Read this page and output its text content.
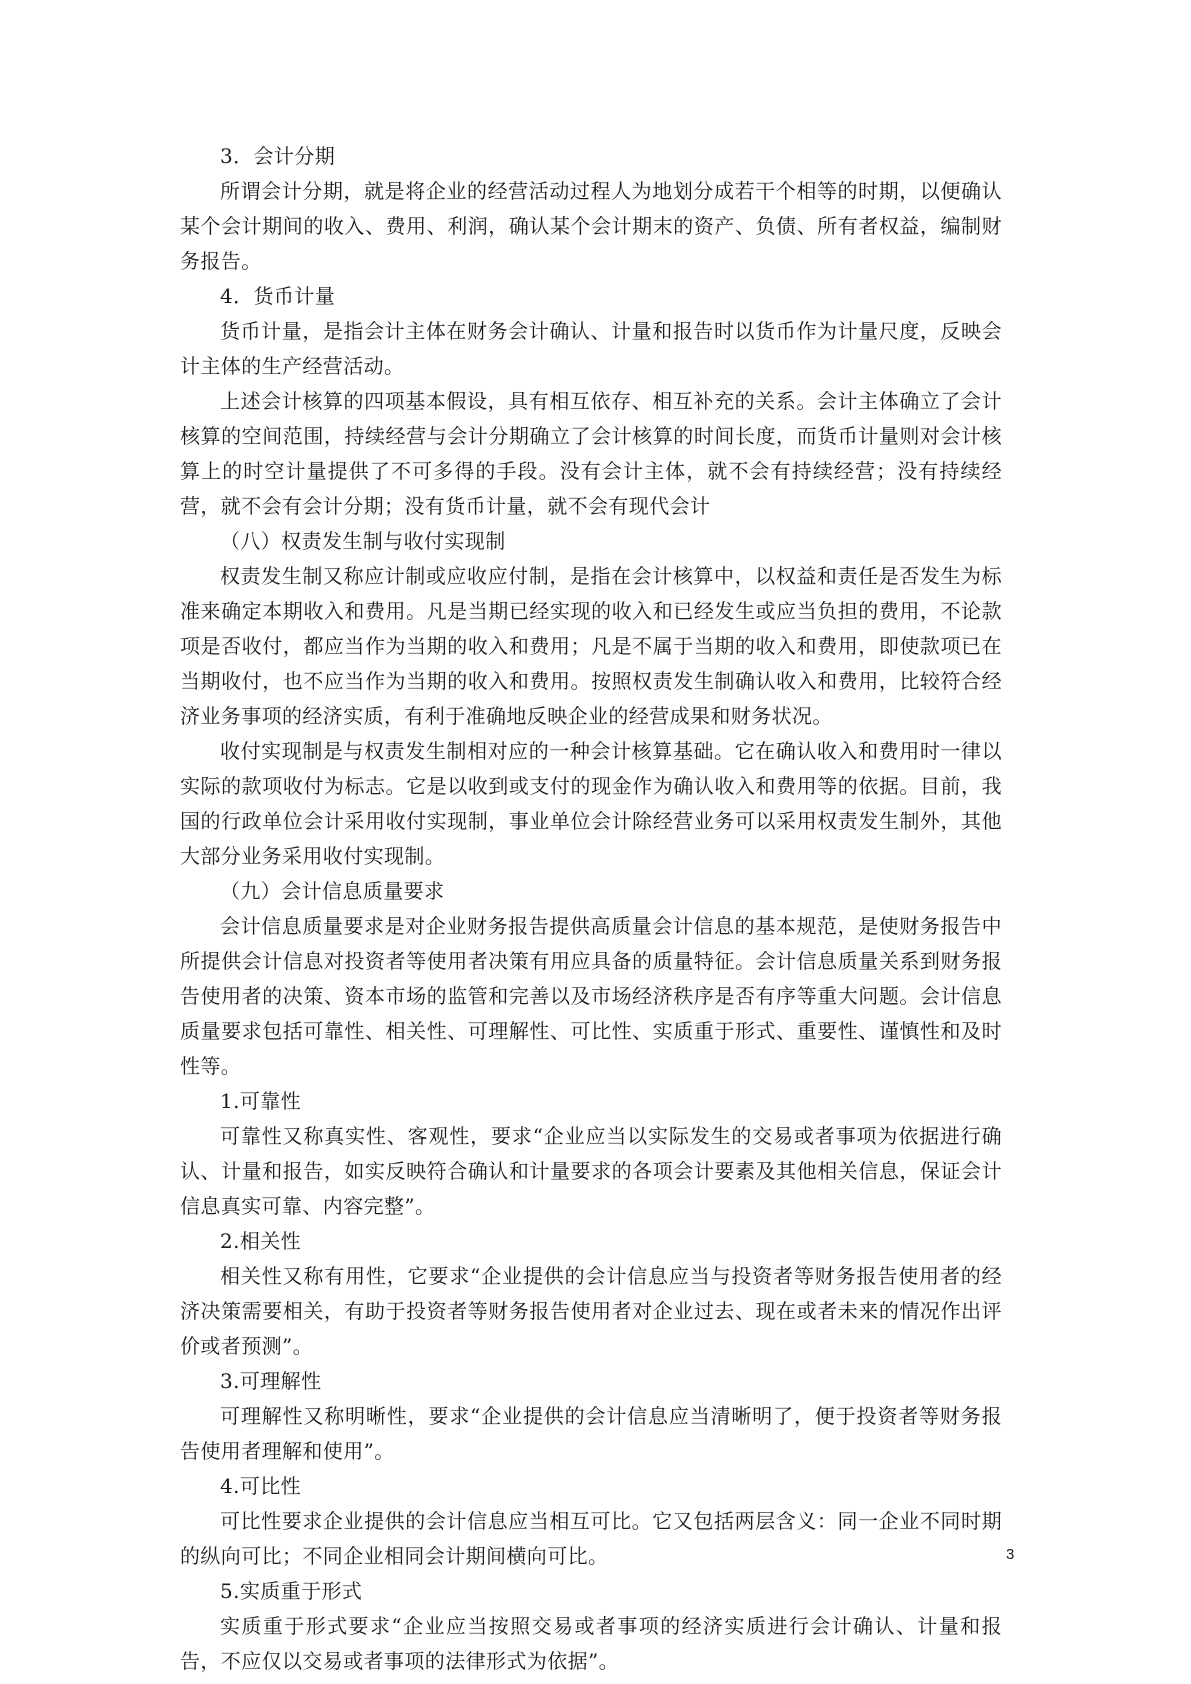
3．会计分期

所谓会计分期，就是将企业的经营活动过程人为地划分成若干个相等的时期，以便确认某个会计期间的收入、费用、利润，确认某个会计期末的资产、负债、所有者权益，编制财务报告。

4．货币计量

货币计量，是指会计主体在财务会计确认、计量和报告时以货币作为计量尺度，反映会计主体的生产经营活动。

上述会计核算的四项基本假设，具有相互依存、相互补充的关系。会计主体确立了会计核算的空间范围，持续经营与会计分期确立了会计核算的时间长度，而货币计量则对会计核算上的时空计量提供了不可多得的手段。没有会计主体，就不会有持续经营；没有持续经营，就不会有会计分期；没有货币计量，就不会有现代会计

（八）权责发生制与收付实现制

权责发生制又称应计制或应收应付制，是指在会计核算中，以权益和责任是否发生为标准来确定本期收入和费用。凡是当期已经实现的收入和已经发生或应当负担的费用，不论款项是否收付，都应当作为当期的收入和费用；凡是不属于当期的收入和费用，即使款项已在当期收付，也不应当作为当期的收入和费用。按照权责发生制确认收入和费用，比较符合经济业务事项的经济实质，有利于准确地反映企业的经营成果和财务状况。

收付实现制是与权责发生制相对应的一种会计核算基础。它在确认收入和费用时一律以实际的款项收付为标志。它是以收到或支付的现金作为确认收入和费用等的依据。目前，我国的行政单位会计采用收付实现制，事业单位会计除经营业务可以采用权责发生制外，其他大部分业务采用收付实现制。

（九）会计信息质量要求

会计信息质量要求是对企业财务报告提供高质量会计信息的基本规范，是使财务报告中所提供会计信息对投资者等使用者决策有用应具备的质量特征。会计信息质量关系到财务报告使用者的决策、资本市场的监管和完善以及市场经济秩序是否有序等重大问题。会计信息质量要求包括可靠性、相关性、可理解性、可比性、实质重于形式、重要性、谨慎性和及时性等。

1.可靠性

可靠性又称真实性、客观性，要求“企业应当以实际发生的交易或者事项为依据进行确认、计量和报告，如实反映符合确认和计量要求的各项会计要素及其他相关信息，保证会计信息真实可靠、内容完整”。

2.相关性

相关性又称有用性，它要求“企业提供的会计信息应当与投资者等财务报告使用者的经济决策需要相关，有助于投资者等财务报告使用者对企业过去、现在或者未来的情况作出评价或者预测”。

3.可理解性

可理解性又称明晰性，要求“企业提供的会计信息应当清晰明了，便于投资者等财务报告使用者理解和使用”。

4.可比性

可比性要求企业提供的会计信息应当相互可比。它又包括两层含义：同一企业不同时期的纵向可比；不同企业相同会计期间横向可比。

5.实质重于形式

实质重于形式要求“企业应当按照交易或者事项的经济实质进行会计确认、计量和报告，不应仅以交易或者事项的法律形式为依据”。

3
